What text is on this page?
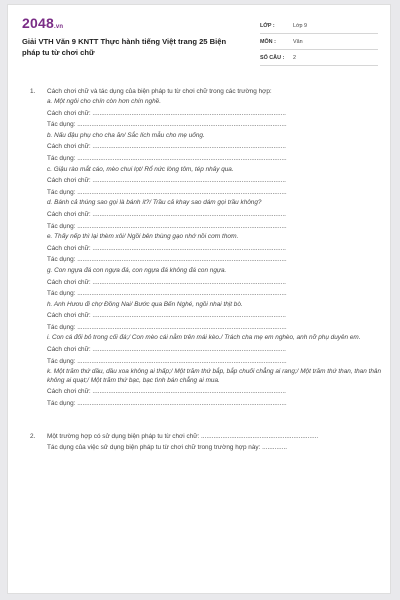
2048.vn
Giải VTH Văn 9 KNTT Thực hành tiếng Việt trang 25 Biện pháp tu từ chơi chữ
LỚP :	Lớp 9
MÔN :	Văn
SỐ CÂU :	2
1.	Cách chơi chữ và tác dụng của biện pháp tu từ chơi chữ trong các trường hợp:
a. Một ngôi cho chín còn hơn chín nghề.
Cách chơi chữ: .............................................................................................................
Tác dụng: ......................................................................................................................
b. Nấu đậu phụ cho cha ăn/ Sắc lích mẫu cho mẹ uống.
Cách chơi chữ: .............................................................................................................
Tác dụng: ......................................................................................................................
c. Giậu rào mắt cáo, mèo chui lọt/ Rổ nức lòng tôm, tép nhảy qua.
Cách chơi chữ: .............................................................................................................
Tác dụng: ......................................................................................................................
d. Bánh cả thúng sao gọi là bánh ít?/ Trầu cả khay sao dám gọi trầu không?
Cách chơi chữ: .............................................................................................................
Tác dụng: ......................................................................................................................
e. Thấy nếp thì lại thèm xôi/ Ngồi bên thùng gạo nhớ nồi cơm thơm.
Cách chơi chữ: .............................................................................................................
Tác dụng: ......................................................................................................................
g. Con ngựa đá con ngựa đá, con ngựa đá không đá con ngựa.
Cách chơi chữ: .............................................................................................................
Tác dụng: ......................................................................................................................
h. Anh Hươu đi chợ Đồng Nai/ Bước qua Bến Nghé, ngồi nhai thịt bò.
Cách chơi chữ: .............................................................................................................
Tác dụng: ......................................................................................................................
i. Con cá đối bỏ trong cối đá;/ Con mèo cái nằm trên mái kèo./ Trách cha mẹ em nghèo, anh nỡ phụ duyên em.
Cách chơi chữ: .............................................................................................................
Tác dụng: ......................................................................................................................
k. Một trăm thứ dầu, dầu xoa không ai thấp;/ Một trăm thứ bắp, bắp chuối chẳng ai rang;/ Một trăm thứ than, than thân không ai quạt;/ Một trăm thứ bạc, bạc tình bán chẳng ai mua.
Cách chơi chữ: .............................................................................................................
Tác dụng: ......................................................................................................................
2.	Một trường hợp có sử dụng biện pháp tu từ chơi chữ: ..................................................................
Tác dụng của việc sử dụng biện pháp tu từ chơi chữ trong trường hợp này: ..............
